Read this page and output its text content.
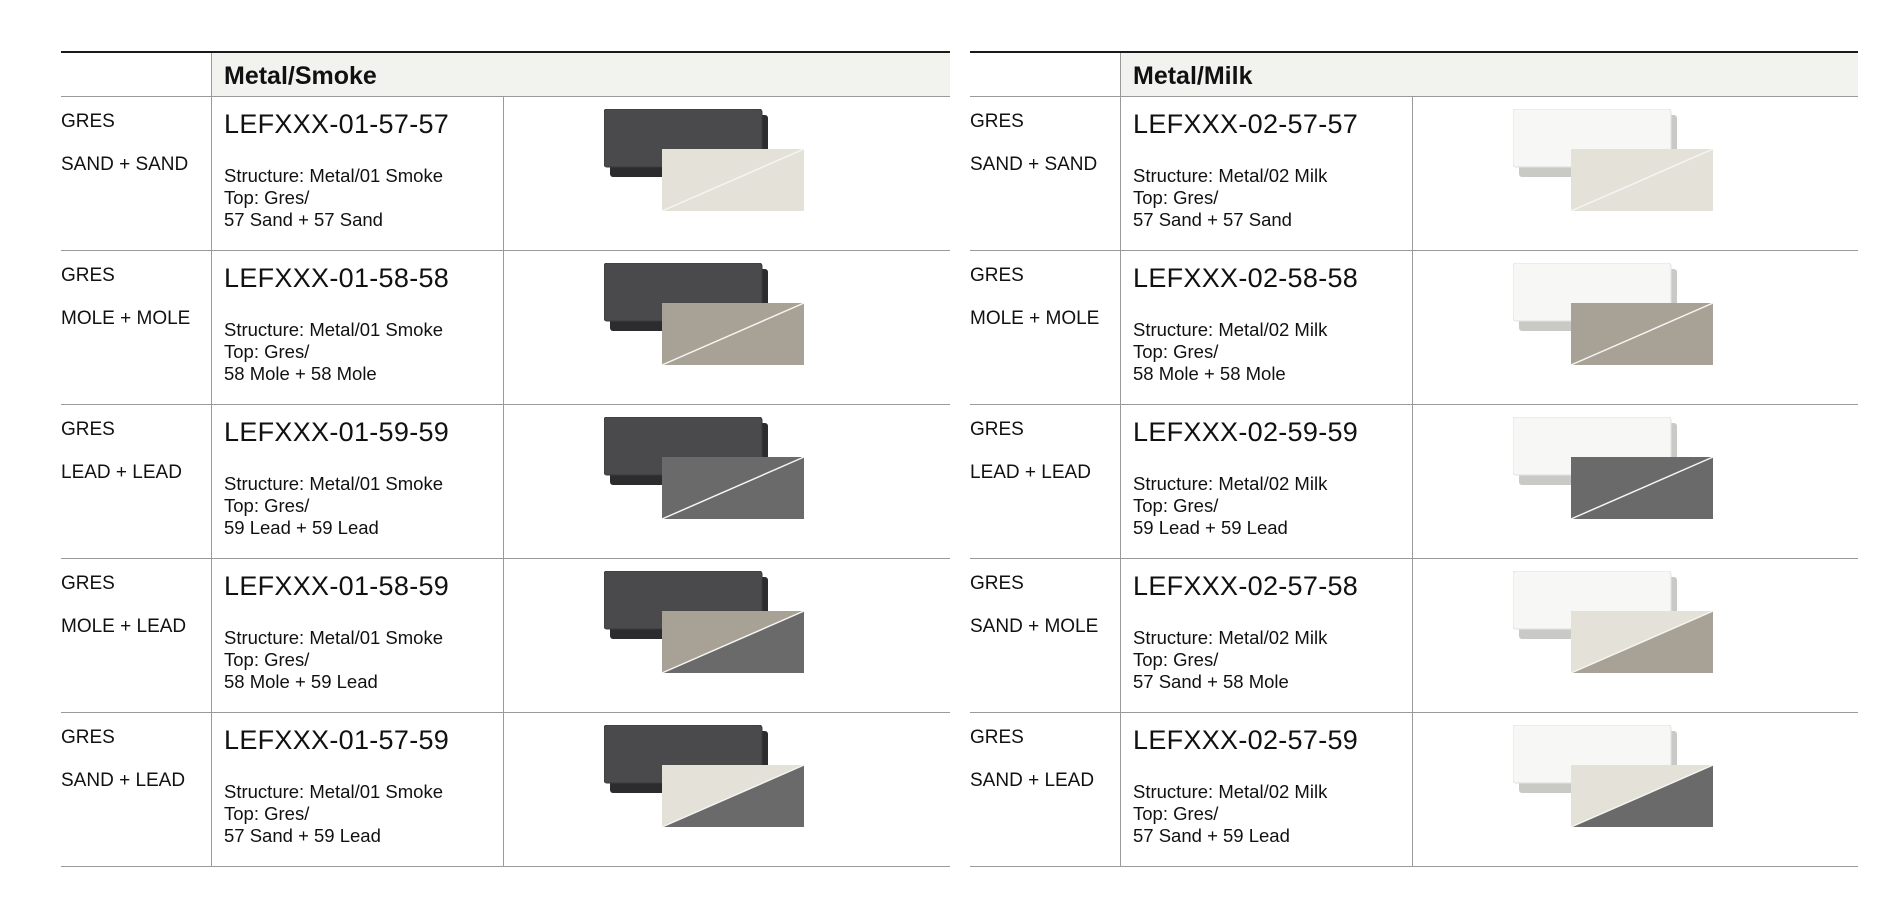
Metal/Smoke
GRES
SAND + SAND
LEFXXX-01-57-57
Structure: Metal/01 Smoke
Top: Gres/
57 Sand + 57 Sand
GRES
MOLE + MOLE
LEFXXX-01-58-58
Structure: Metal/01 Smoke
Top: Gres/
58 Mole + 58 Mole
GRES
LEAD + LEAD
LEFXXX-01-59-59
Structure: Metal/01 Smoke
Top: Gres/
59 Lead + 59 Lead
GRES
MOLE + LEAD
LEFXXX-01-58-59
Structure: Metal/01 Smoke
Top: Gres/
58 Mole + 59 Lead
GRES
SAND + LEAD
LEFXXX-01-57-59
Structure: Metal/01 Smoke
Top: Gres/
57 Sand + 59 Lead
Metal/Milk
GRES
SAND + SAND
LEFXXX-02-57-57
Structure: Metal/02 Milk
Top: Gres/
57 Sand + 57 Sand
GRES
MOLE + MOLE
LEFXXX-02-58-58
Structure: Metal/02 Milk
Top: Gres/
58 Mole + 58 Mole
GRES
LEAD + LEAD
LEFXXX-02-59-59
Structure: Metal/02 Milk
Top: Gres/
59 Lead + 59 Lead
GRES
SAND + MOLE
LEFXXX-02-57-58
Structure: Metal/02 Milk
Top: Gres/
57 Sand + 58 Mole
GRES
SAND + LEAD
LEFXXX-02-57-59
Structure: Metal/02 Milk
Top: Gres/
57 Sand + 59 Lead
